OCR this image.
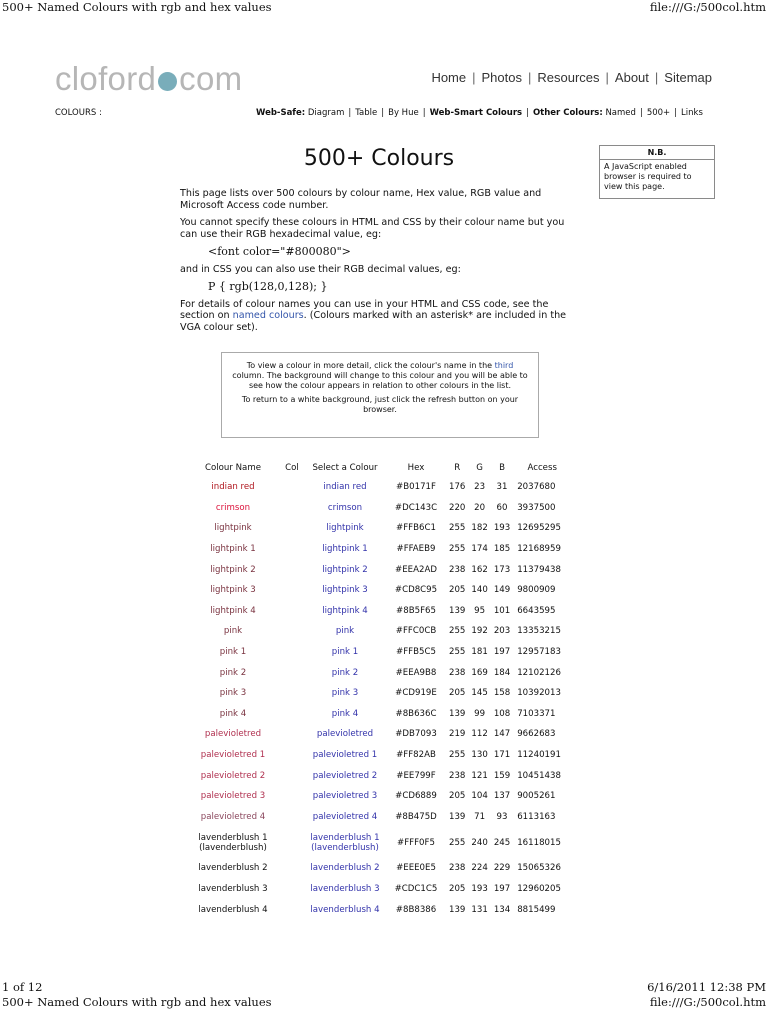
500+ Named Colours with rgb and hex values	file:///G:/500col.htm
cloford com	Home | Photos | Resources | About | Sitemap
COLOURS :	Web-Safe: Diagram | Table | By Hue | Web-Smart Colours | Other Colours: Named | 500+ | Links
500+ Colours	N.B.
A JavaScript enabled browser is required to view this page.

This page lists over 500 colours by colour name, Hex value, RGB value and Microsoft Access code number.

You cannot specify these colours in HTML and CSS by their colour name but you can use their RGB hexadecimal value, eg:

<font color="#800080">

and in CSS you can also use their RGB decimal values, eg:

P { rgb(128,0,128); }

For details of colour names you can use in your HTML and CSS code, see the section on named colours. (Colours marked with an asterisk* are included in the VGA colour set).

To view a colour in more detail, click the colour's name in the third column. The background will change to this colour and you will be able to see how the colour appears in relation to other colours in the list.

To return to a white background, just click the refresh button on your browser.

Colour Name	Col	Select a Colour	Hex	R	G	B	Access
indian red		indian red	#B0171F	176	23	31	2037680
crimson		crimson	#DC143C	220	20	60	3937500
lightpink		lightpink	#FFB6C1	255	182	193	12695295
lightpink 1		lightpink 1	#FFAEB9	255	174	185	12168959
lightpink 2		lightpink 2	#EEA2AD	238	162	173	11379438
lightpink 3		lightpink 3	#CD8C95	205	140	149	9800909
lightpink 4		lightpink 4	#8B5F65	139	95	101	6643595
pink		pink	#FFC0CB	255	192	203	13353215
pink 1		pink 1	#FFB5C5	255	181	197	12957183
pink 2		pink 2	#EEA9B8	238	169	184	12102126
pink 3		pink 3	#CD919E	205	145	158	10392013
pink 4		pink 4	#8B636C	139	99	108	7103371
palevioletred		palevioletred	#DB7093	219	112	147	9662683
palevioletred 1		palevioletred 1	#FF82AB	255	130	171	11240191
palevioletred 2		palevioletred 2	#EE799F	238	121	159	10451438
palevioletred 3		palevioletred 3	#CD6889	205	104	137	9005261
palevioletred 4		palevioletred 4	#8B475D	139	71	93	6113163
lavenderblush 1
(lavenderblush)		lavenderblush 1
(lavenderblush)	#FFF0F5	255	240	245	16118015
lavenderblush 2		lavenderblush 2	#EEE0E5	238	224	229	15065326
lavenderblush 3		lavenderblush 3	#CDC1C5	205	193	197	12960205
lavenderblush 4		lavenderblush 4	#8B8386	139	131	134	8815499
1 of 12
500+ Named Colours with rgb and hex values
6/16/2011 12:38 PM
file:///G:/500col.htm
